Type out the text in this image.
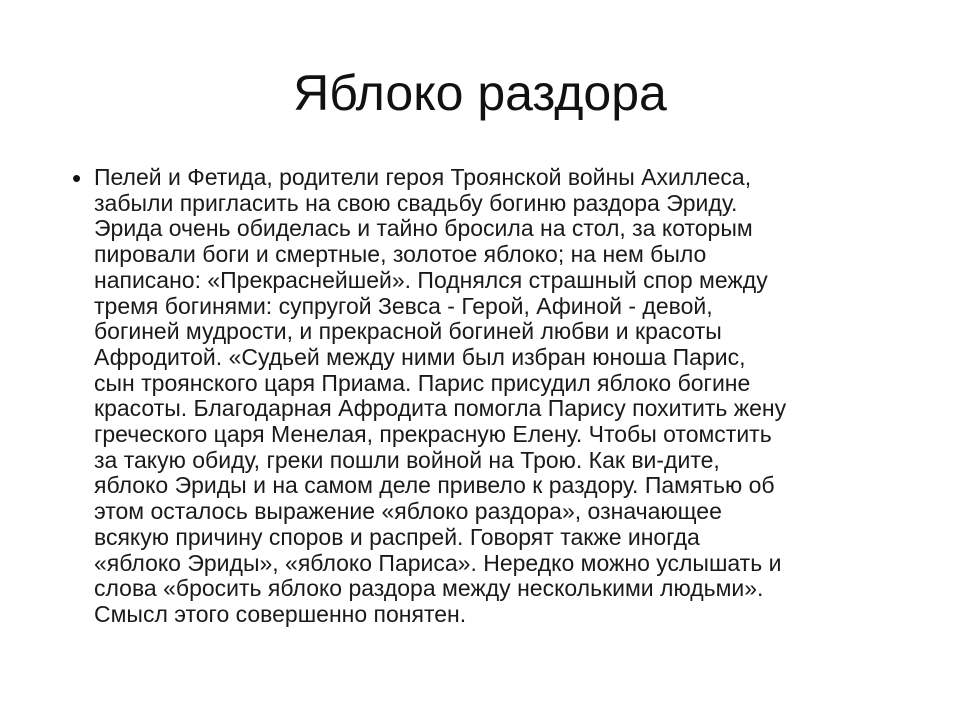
Яблоко раздора
• Пелей и Фетида, родители героя Троянской войны Ахиллеса,
забыли пригласить на свою свадьбу богиню раздора Эриду.
Эрида очень обиделась и тайно бросила на стол, за которым
пировали боги и смертные, золотое яблоко; на нем было
написано: «Прекраснейшей». Поднялся страшный спор между
тремя богинями: супругой Зевса - Герой, Афиной - девой,
богиней мудрости, и прекрасной богиней любви и красоты
Афродитой. «Судьей между ними был избран юноша Парис,
сын троянского царя Приама. Парис присудил яблоко богине
красоты. Благодарная Афродита помогла Парису похитить жену
греческого царя Менелая, прекрасную Елену. Чтобы отомстить
за такую обиду, греки пошли войной на Трою. Как ви-дите,
яблоко Эриды и на самом деле привело к раздору. Памятью об
этом осталось выражение «яблоко раздора», означающее
всякую причину споров и распрей. Говорят также иногда
«яблоко Эриды», «яблоко Париса». Нередко можно услышать и
слова «бросить яблоко раздора между несколькими людьми».
Смысл этого совершенно понятен.
